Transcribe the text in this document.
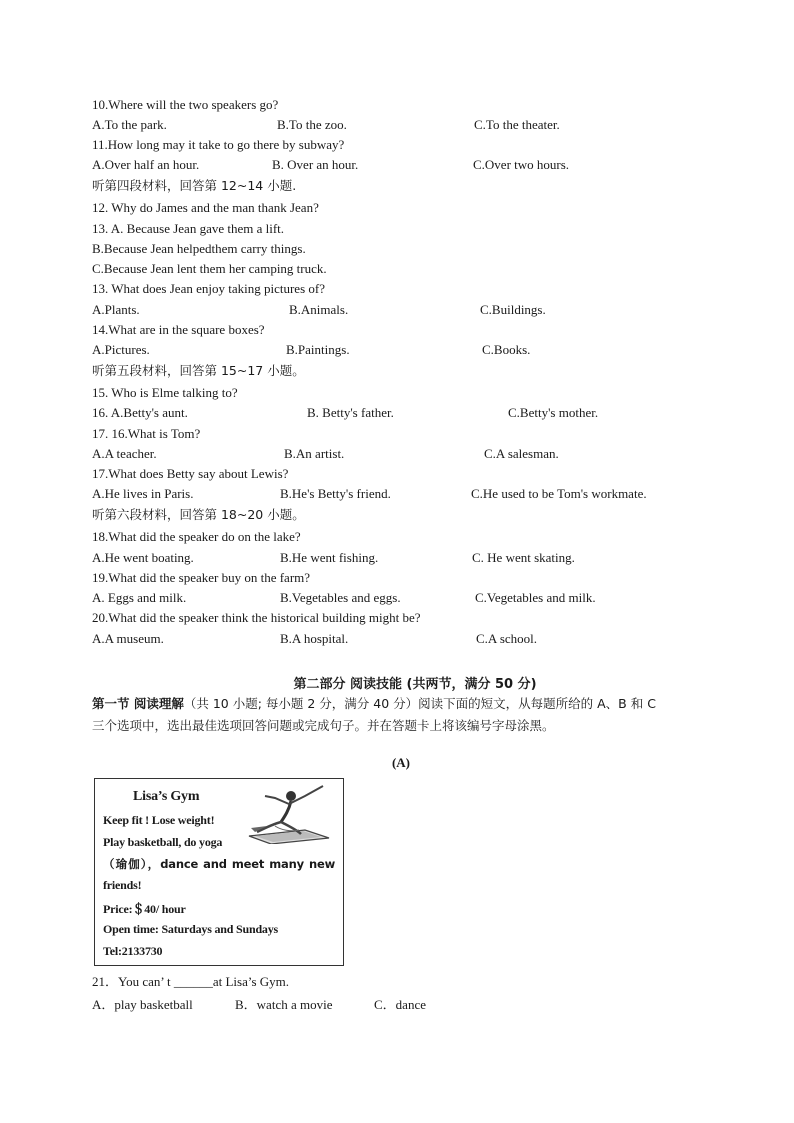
10.Where will the two speakers go?
A.To the park.	B.To the zoo.	C.To the theater.
11.How long may it take to go there by subway?
A.Over half an hour.	B. Over an hour.	C.Over two hours.
听第四段材料，回答第 12~14 小题.
12. Why do James and the man thank Jean?
13. A. Because Jean gave them a lift.
B.Because Jean helpedthem carry things.
C.Because Jean lent them her camping truck.
13. What does Jean enjoy taking pictures of?
A.Plants.	B.Animals.	C.Buildings.
14.What are in the square boxes?
A.Pictures.	B.Paintings.	C.Books.
听第五段材料，回答第 15~17 小题。
15. Who is Elme talking to?
16. A.Betty's aunt.	B. Betty's father.	C.Betty's mother.
17. 16.What is Tom?
A.A teacher.	B.An artist.	C.A salesman.
17.What does Betty say about Lewis?
A.He lives in Paris.	B.He's Betty's friend.	C.He used to be Tom's workmate.
听第六段材料，回答第 18~20 小题。
18.What did the speaker do on the lake?
A.He went boating.	B.He went fishing.	C. He went skating.
19.What did the speaker buy on the farm?
A. Eggs and milk.	B.Vegetables and eggs.	C.Vegetables and milk.
20.What did the speaker think the historical building might be?
A.A museum.	B.A hospital.	C.A school.
第二部分 阅读技能 (共两节，满分 50 分)
第一节 阅读理解（共 10 小题; 每小题 2 分，满分 40 分）阅读下面的短文，从每题所给的 A、B 和 C
三个选项中，选出最佳选项回答问题或完成句子。并在答题卡上将该编号字母涂黑。
(A)
Lisa’s Gym
Keep fit ! Lose weight!
Play basketball, do yoga
（瑜伽），dance and meet many new
friends!
Price:＄40/ hour
Open time: Saturdays and Sundays
Tel:2133730
21．You can’ t ______at Lisa’s Gym.
A．play basketball	B．watch a movie	C．dance
